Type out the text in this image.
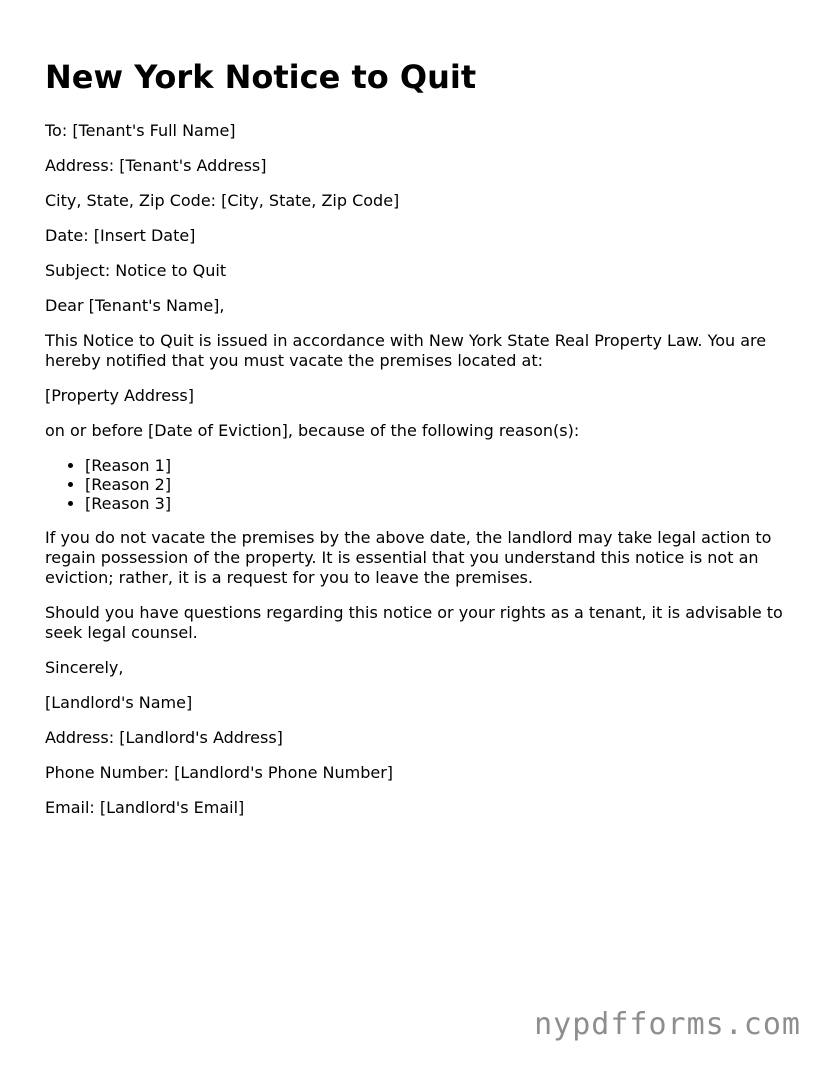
New York Notice to Quit

To: [Tenant's Full Name]

Address: [Tenant's Address]

City, State, Zip Code: [City, State, Zip Code]

Date: [Insert Date]

Subject: Notice to Quit

Dear [Tenant's Name],

This Notice to Quit is issued in accordance with New York State Real Property Law. You are hereby notified that you must vacate the premises located at:

[Property Address]

on or before [Date of Eviction], because of the following reason(s):

• [Reason 1]
• [Reason 2]
• [Reason 3]

If you do not vacate the premises by the above date, the landlord may take legal action to regain possession of the property. It is essential that you understand this notice is not an eviction; rather, it is a request for you to leave the premises.

Should you have questions regarding this notice or your rights as a tenant, it is advisable to seek legal counsel.

Sincerely,

[Landlord's Name]

Address: [Landlord's Address]

Phone Number: [Landlord's Phone Number]

Email: [Landlord's Email]

nypdfforms.com
